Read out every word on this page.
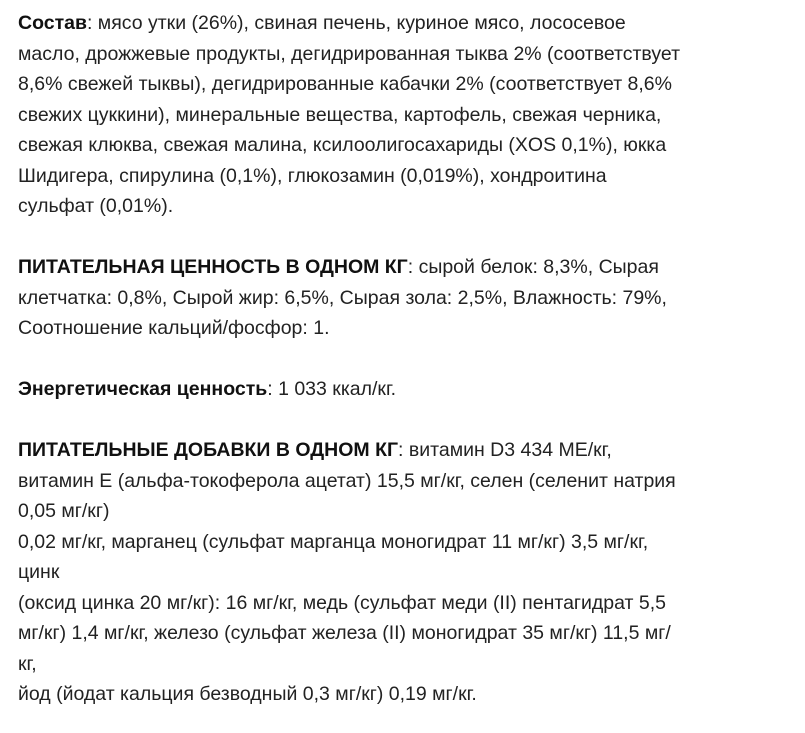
Состав: мясо утки (26%), свиная печень, куриное мясо, лососевое
масло, дрожжевые продукты, дегидрированная тыква 2% (соответствует
8,6% свежей тыквы), дегидрированные кабачки 2% (соответствует 8,6%
свежих цуккини), минеральные вещества, картофель, свежая черника,
свежая клюква, свежая малина, ксилоолигосахариды (XOS 0,1%), юкка
Шидигера, спирулина (0,1%), глюкозамин (0,019%), хондроитина
сульфат (0,01%).
ПИТАТЕЛЬНАЯ ЦЕННОСТЬ В ОДНОМ КГ: сырой белок: 8,3%, Сырая
клетчатка: 0,8%, Сырой жир: 6,5%, Сырая зола: 2,5%, Влажность: 79%,
Соотношение кальций/фосфор: 1.
Энергетическая ценность: 1 033 ккал/кг.
ПИТАТЕЛЬНЫЕ ДОБАВКИ В ОДНОМ КГ: витамин D3 434 МЕ/кг,
витамин Е (альфа-токоферола ацетат) 15,5 мг/кг, селен (селенит натрия
0,05 мг/кг)
0,02 мг/кг, марганец (сульфат марганца моногидрат 11 мг/кг) 3,5 мг/кг,
цинк
(оксид цинка 20 мг/кг): 16 мг/кг, медь (сульфат меди (II) пентагидрат 5,5
мг/кг) 1,4 мг/кг, железо (сульфат железа (II) моногидрат 35 мг/кг) 11,5 мг/
кг,
йод (йодат кальция безводный 0,3 мг/кг) 0,19 мг/кг.
